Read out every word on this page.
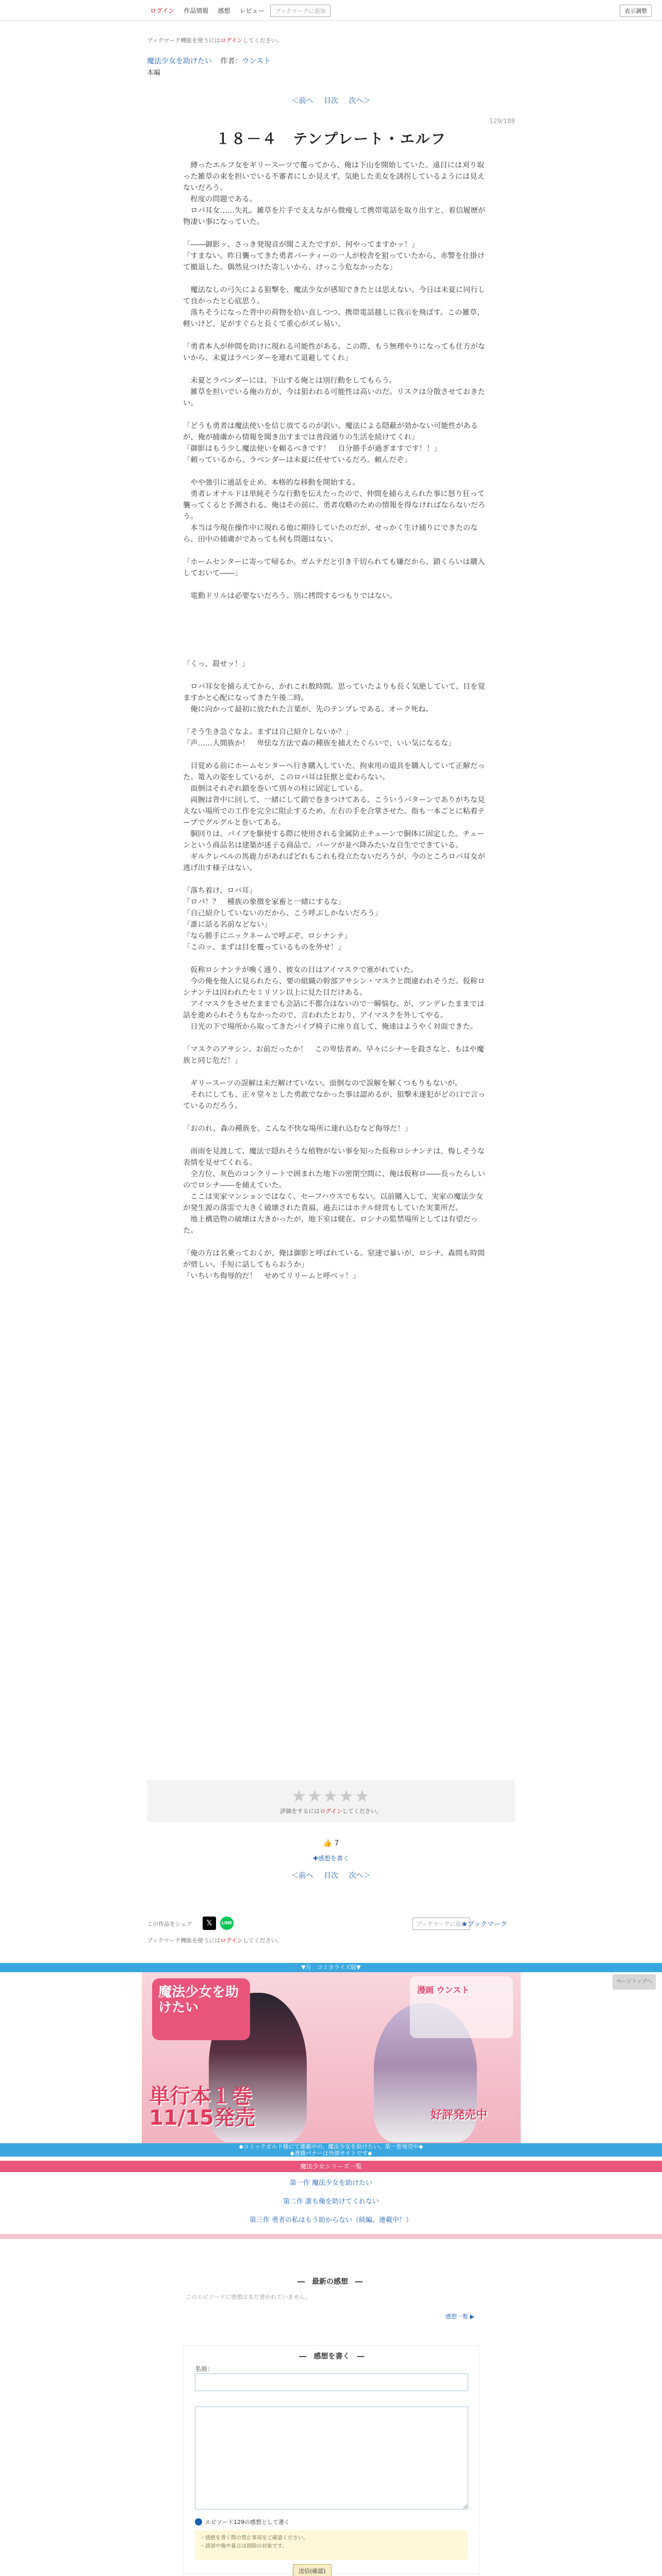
ログイン	作品情報	感想	レビュー	ブックマークに追加	表示調整
ブックマーク機能を使うにはログインしてください。
魔法少女を助けたい 作者：ウンスト
本編
＜前へ 目次 次へ＞
129/188
１８－４　テンプレート・エルフ

　縛ったエルフ女をギリースーツで覆ってから、俺は下山を開始していた。遠目には刈り取った雑草の束を担いでいる不審者にしか見えず、気絶した美女を誘拐しているようには見えないだろう。
　程度の問題である。
　ロバ耳女……失礼。雑草を片手で支えながら微痩して携帯電話を取り出すと、着信履歴が物凄い事になっていた。

「――御影ッ、さっき発現音が聞こえたですが、何やってますかッ！」
「すまない。昨日襲ってきた勇者パーティーの一人が校舎を狙っていたから、赤警を仕掛けて撤退した。偶然見つけた寄しいから、けっこう危なかったな」

　魔法なしの弓矢による狙撃を、魔法少女が感知できたとは思えない。今日は未夏に同行して良かったと心底思う。
　落ちそうになった背中の荷物を拾い直しつつ、携帯電話越しに我示を飛ばす。この雑草、軽いけど、足がすぐらと長くて重心がズレ易い。

「勇者本人が仲間を助けに現れる可能性がある。この際、もう無理やりになっても仕方がないから、未夏はラベンダーを連れて退避してくれ」

　未夏とラベンダーには、下山する俺とは別行動をしてもらう。
　雑草を担いでいる俺の方が、今は狙われる可能性は高いのだ。リスクは分散させておきたい。

「どうも勇者は魔法使いを信じ放てるのが訳い。魔法による隠蔽が効かない可能性があるが、俺が捕虜から情報を聞き出すまでは普段通りの生活を続けてくれ」
「御影はもう少し魔法使いを頼るべきです！　自分勝手が過ぎますです！！」
「頼っているから、ラベンダーは未夏に任せているだろ。頼んだぞ」

　やや強引に通話を止め、本格的な移動を開始する。
　勇者レオナルドは単純そうな行動を伝えたったので、仲間を捕らえられた事に怒り狂って襲ってくると予測される。俺はその前に、勇者攻略のための情報を得なければならないだろう。
　本当は今現在操作中に現れる他に期待していたのだが、せっかく生け捕りにできたのなら、田中の捕虜がであっても何も問題はない。

「ホームセンターに寄って帰るか。ガムテだと引き千切られても嫌だから、鎖くらいは購入しておいて――」

　電動ドリルは必要ないだろう。別に拷問するつもりではない。

「くっ、殺せッ！」

　ロバ耳女を捕らえてから、かれこれ数時間。思っていたよりも長く気絶していて、目を覚ますかと心配になってきた午後二時。
　俺に向かって最初に放たれた言葉が、先のテンプレである。オーク死ね。

「そう生き急ぐなよ。まずは自己紹介しないか？」
「声……人間族か！　卑怯な方法で森の種族を捕えたぐらいで、いい気になるな」

　目覚める前にホームセンターへ行き購入していた、拘束用の道具を購入していて正解だった。篭入の姿をしているが、このロバ耳は狂獣と変わらない。
　面倒はそれぞれ鎖を巻いて別々の柱に固定している。
　両腕は背中に回して、一緒にして鎖で巻きつけてある。こういうパターンでありがちな見えない場所での工作を完全に阻止するため、左右の手を合掌させた。指も一本ごとに粘着テープでグルグルと巻いてある。
　胴回りは、パイプを駆使する際に使用される金属防止チェーンで胴体に固定した。チェーンという商品名は建築が迷子る商品で。パーツが並べ降みたいな自生でできている。
　ギルクレベルの馬鹿力があればどれもこれも役立たないだろうが、今のところロバ耳女が逃げ出す様子はない。

「落ち着け、ロバ耳」
「ロバ！？　種族の象徴を家畜と一緒にするな」
「自己紹介していないのだから、こう呼ぶしかないだろう」
「誰に話る名前などない」
「なら勝手にニックネームで呼ぶぞ。ロシナンテ」
「このッ、まずは目を覆っているものを外せ！」

　仮称ロシナンテが喚く通り、彼女の目はアイマスクで塞がれていた。
　今の俺を他人に見られたら、要の組織の幹部アサシン・マスクと間違われそうだ。仮称ロシナンテは囚われたセミリソン以上に見た目だけある。
　アイマスクをさせたままでも会話に不都合はないので一瞬悩む。が、ツンデレたままでは話を進められそうもなかったので、言われたとおり、アイマスクを外してやる。
　日光の下で場所から取ってきたパイプ椅子に座り直して、俺達はようやく対面できた。

「マスクのアサシン、お前だったか！　この卑怯者め。早々にシナーを殺さなと、もはや魔族と同じ危だ！」

　ギリースーツの誤解は未だ解けていない。面倒なので誤解を解くつもりもないが。
　それにしても、正々堂々とした勇敢でなかった事は認めるが、狙撃未遂犯がどの口で言っているのだろう。

「おのれ、森の種族を、こんな不快な場所に連れ込むなど侮辱だ！」

　雨雨を見渡して、魔法で隠れそうな植物がない事を知った仮称ロシナンテは、悔しそうな表情を見せてくれる。
　全方位、灰色のコンクリートで囲まれた地下の密閉空間に、俺は仮称ロ――長ったらしいのでロシナ――を捕えていた。
　ここは実家マンションではなく、セーフハウスでもない。以前購入して、実家の魔法少女が発生源の落雷で大きく破壊された貴福、過去にはホテル経営もしていた実業所だ。
　地上構造物の破壊は大きかったが、地下室は健在。ロシナの監禁場所としては有望だった。

「俺の方は名乗っておくが、俺は御影と呼ばれている。窒速で暴いが、ロシナ。森間も時間が惜しい。手短に話してもらおうか」
「いちいち侮辱的だ！　せめてリリームと呼べッ！」

★★★★★
評価をするにはログインしてください。
👍 7
✚感想を書く
＜前へ 目次 次へ＞
この作品をシェア	𝕏	LINE	ブックマークに追加
★ブックマーク
ブックマーク機能を使うにはログインしてください。
▼月　コミカライズ版▼
ページトップへ
魔法少女を助けたい
漫画 ウンスト
単行本１巻
11/15発売	好評発売中
◆コミックガルド様にて連載中の、魔法少女を助けたい。第一巻発売中◆
◆書籍バナーは外部サイトです◆
魔法少女シリーズ一覧
第一作 魔法少女を助けたい
第二作 誰も俺を助けてくれない
第三作 勇者の私はもう助からない（続編、連載中！）
―　最新の感想　―
このエピソードに感想はまだ書かれていません。
感想一覧 ▶
―　感想を書く　―
名前：
エピソード129の感想として書く
・感想を書く際の禁止事項をご確認ください。
・誹謗中傷や暴言は削除の対象です。
送信(確認)
